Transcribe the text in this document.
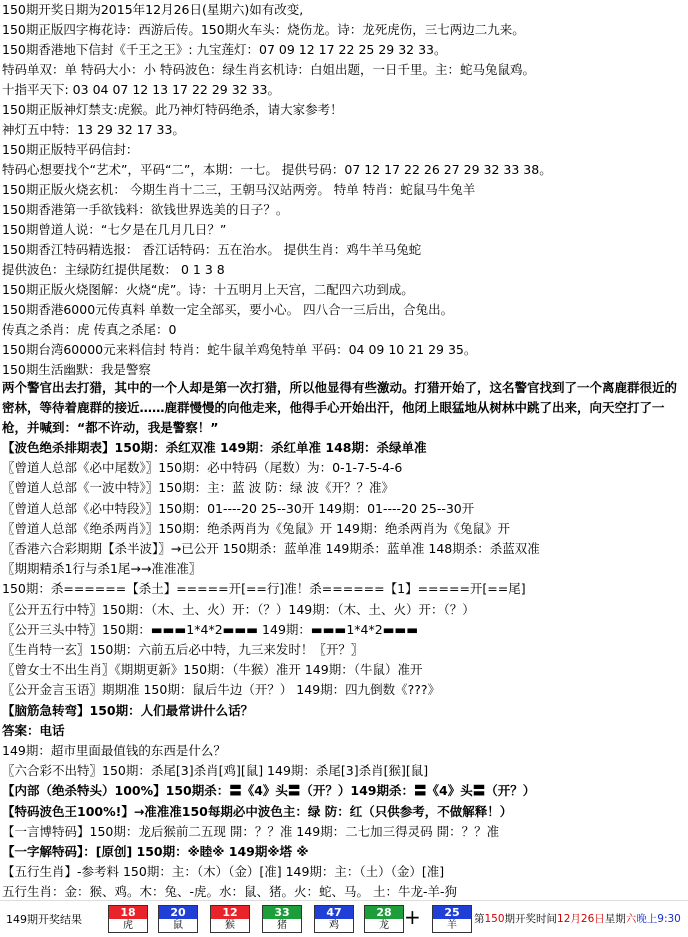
150期开奖日期为2015年12月26日(星期六)如有改变,
150期正版四字梅花诗：西游后传。150期火车头：烧伤龙。诗：龙死虎伤，三七两边二九来。
150期香港地下信封《千王之王》: 九宝莲灯：07 09 12 17 22 25 29 32 33。
特码单双：单 特码大小：小 特码波色：绿生肖玄机诗：白姐出题，一日千里。主：蛇马兔鼠鸡。
十指平天下: 03 04 07 12 13 17 22 29 32 33。
150期正版神灯禁支:虎猴。此乃神灯特码绝杀，请大家参考！
神灯五中特：13 29 32 17 33。
150期正版特平码信封：
特码心想要找个“艺术”，平码“二”，本期：一七。 提供号码：07 12 17 22 26 27 29 32 33 38。
150期正版火烧玄机： 今期生肖十二三，王朝马汉站两旁。 特单 特肖：蛇鼠马牛兔羊
150期香港第一手欲钱料：欲钱世界选美的日子？。
150期曾道人说：“七夕是在几月几日？”
150期香江特码精选报： 香江话特码：五在治水。 提供生肖：鸡牛羊马兔蛇
提供波色：主绿防红提供尾数： 0 1 3 8
150期正版火烧图解：火烧“虎”。诗：十五明月上天宫，二配四六功到成。
150期香港6000元传真料 单数一定全部买，要小心。 四八合一三后出，合兔出。
传真之杀肖：虎 传真之杀尾：0
150期台湾60000元来料信封 特肖：蛇牛鼠羊鸡兔特单 平码：04 09 10 21 29 35。
150期生活幽默：我是警察
两个警官出去打猎，其中的一个人却是第一次打猎，所以他显得有些激动。打猎开始了，这名警官找到了一个离鹿群很近的密林，等待着鹿群的接近……鹿群慢慢的向他走来，他得手心开始出汗，他闭上眼猛地从树林中跳了出来，向天空打了一枪，并喊到：“都不许动，我是警察！”
【波色绝杀排期表】150期：杀红双准 149期：杀红单准 148期：杀绿单准
〖曾道人总部《必中尾数》〗150期：必中特码（尾数）为：0-1-7-5-4-6
〖曾道人总部《一波中特》〗150期：主：蓝 波 防：绿 波《开？？准》
〖曾道人总部《必中特段》〗150期：01----20 25--30开 149期：01----20 25--30开
〖曾道人总部《绝杀两肖》〗150期：绝杀两肖为《兔鼠》开 149期：绝杀两肖为《兔鼠》开
〖香港六合彩期期【杀半波】〗→已公开 150期杀：蓝单准 149期杀：蓝单准 148期杀：杀蓝双准
〖期期精杀1行与杀1尾→→准准准〗
150期：杀======【杀土】=====开[==行]准！杀======【1】=====开[==尾]
〖公开五行中特〗150期：（木、土、火）开：（？）149期：（木、土、火）开：（？）
〖公开三头中特〗150期：▬▬▬1*4*2▬▬▬ 149期：▬▬▬1*4*2▬▬▬
〖生肖特一玄〗150期：六前五后必中特，九三来发时！〖开？〗
〖曾女士不出生肖〗《期期更新》150期：（牛猴）准开 149期：（牛鼠）准开
〖公开金言玉语〗期期准 150期：鼠后牛边（开？） 149期：四九倒数《???》
【脑筋急转弯】150期：人们最常讲什么话？
答案：电话
149期：超市里面最值钱的东西是什么？
〖六合彩不出特〗150期：杀尾[3]杀肖[鸡][鼠] 149期：杀尾[3]杀肖[猴][鼠]
【内部（绝杀特头）100%】150期杀：〓《4》头〓（开？）149期杀：〓《4》头〓（开？）
【特码波色王100%!】→准准准150每期必中波色主：绿 防：红（只供参考，不做解释！）
【一言博特码】150期：龙后猴前二五现 開：？？准 149期：二七加三得灵码 開：？？准
【一字解特码】：[原创] 150期：※睦※ 149期※塔 ※
【五行生肖】-参考料 150期：主：（木）（金）[准] 149期：主：（土）（金）[准]
五行生肖：金：猴、鸡。木：兔、-虎。水：鼠、猪。火：蛇、马。 土：牛龙-羊-狗
149期开奖结果
18
虎
20
鼠
12
猴
33
猪
47
鸡
28
龙
25
羊
+	第150期开奖时间12月26日星期六晚上9:30
